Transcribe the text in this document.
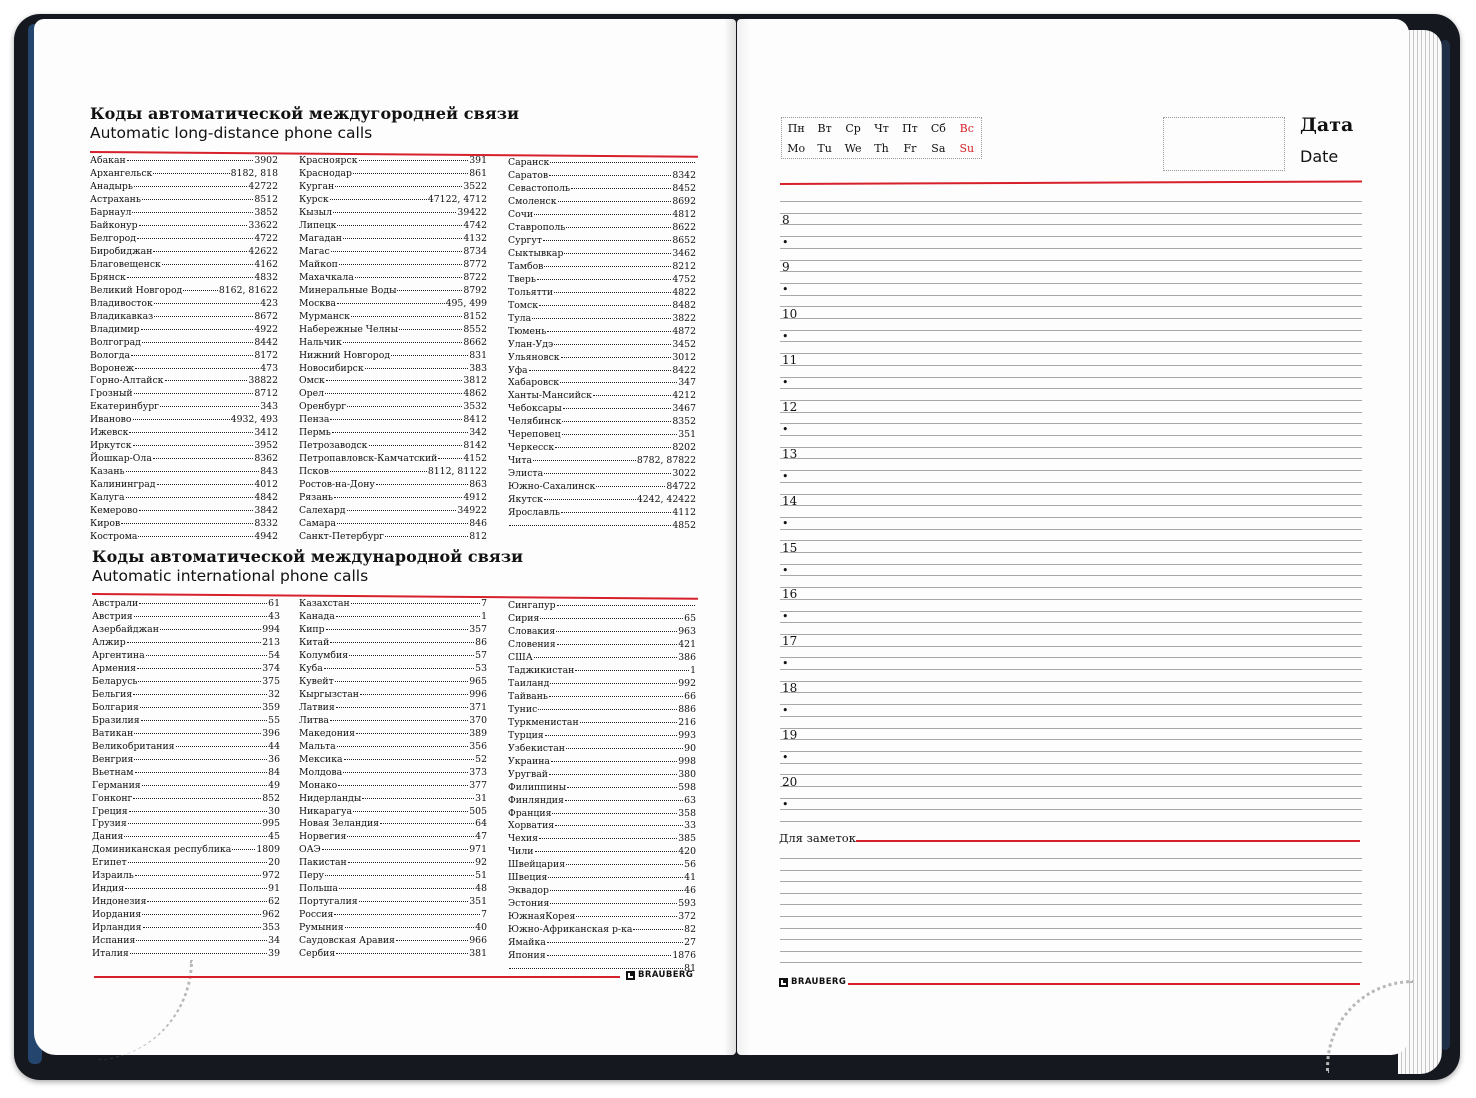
Коды автоматической междугородней связи
Automatic long-distance phone calls
Абакан	3902
Архангельск	8182, 818
Анадырь	42722
Астрахань	8512
Барнаул	3852
Байконур	33622
Белгород	4722
Биробиджан	42622
Благовещенск	4162
Брянск	4832
Великий Новгород	8162, 81622
Владивосток	423
Владикавказ	8672
Владимир	4922
Волгоград	8442
Вологда	8172
Воронеж	473
Горно-Алтайск	38822
Грозный	8712
Екатеринбург	343
Иваново	4932, 493
Ижевск	3412
Иркутск	3952
Йошкар-Ола	8362
Казань	843
Калининград	4012
Калуга	4842
Кемерово	3842
Киров	8332
Кострома	4942
Красноярск	391
Краснодар	861
Курган	3522
Курск	47122, 4712
Кызыл	39422
Липецк	4742
Магадан	4132
Магас	8734
Майкоп	8772
Махачкала	8722
Минеральные Воды	8792
Москва	495, 499
Мурманск	8152
Набережные Челны	8552
Нальчик	8662
Нижний Новгород	831
Новосибирск	383
Омск	3812
Орел	4862
Оренбург	3532
Пенза	8412
Пермь	342
Петрозаводск	8142
Петропавловск-Камчатский	4152
Псков	8112, 81122
Ростов-на-Дону	863
Рязань	4912
Салехард	34922
Самара	846
Санкт-Петербург	812
Саранск
Саратов	8342
Севастополь	8452
Смоленск	8692
Сочи	4812
Ставрополь	8622
Сургут	8652
Сыктывкар	3462
Тамбов	8212
Тверь	4752
Тольятти	4822
Томск	8482
Тула	3822
Тюмень	4872
Улан-Удэ	3452
Ульяновск	3012
Уфа	8422
Хабаровск	347
Ханты-Мансийск	4212
Чебоксары	3467
Челябинск	8352
Череповец	351
Черкесск	8202
Чита	8782, 87822
Элиста	3022
Южно-Сахалинск	84722
Якутск	4242, 42422
Ярославль	4112
4852
Коды автоматической международной связи
Automatic international phone calls
Австрали	61
Австрия	43
Азербайджан	994
Алжир	213
Аргентина	54
Армения	374
Беларусь	375
Бельгия	32
Болгария	359
Бразилия	55
Ватикан	396
Великобритания	44
Венгрия	36
Вьетнам	84
Германия	49
Гонконг	852
Греция	30
Грузия	995
Дания	45
Доминиканская республика	1809
Египет	20
Израиль	972
Индия	91
Индонезия	62
Иордания	962
Ирландия	353
Испания	34
Италия	39
Казахстан	7
Канада	1
Кипр	357
Китай	86
Колумбия	57
Куба	53
Кувейт	965
Кыргызстан	996
Латвия	371
Литва	370
Македония	389
Мальта	356
Мексика	52
Молдова	373
Монако	377
Нидерланды	31
Никарагуа	505
Новая Зеландия	64
Норвегия	47
ОАЭ	971
Пакистан	92
Перу	51
Польша	48
Португалия	351
Россия	7
Румыния	40
Саудовская Аравия	966
Сербия	381
Сингапур
Сирия	65
Словакия	963
Словения	421
США	386
Таджикистан	1
Таиланд	992
Тайвань	66
Тунис	886
Туркменистан	216
Турция	993
Узбекистан	90
Украина	998
Уругвай	380
Филиппины	598
Финляндия	63
Франция	358
Хорватия	33
Чехия	385
Чили	420
Швейцария	56
Швеция	41
Эквадор	46
Эстония	593
ЮжнаяКорея	372
Южно-Африканская р-ка	82
Ямайка	27
Япония	1876
81
BRAUBERG
Пн	Вт	Ср	Чт	Пт	Сб	Вс
Mo	Tu	We	Th	Fr	Sa	Su
Дата
Date
8
•
9
•
10
•
11
•
12
•
13
•
14
•
15
•
16
•
17
•
18
•
19
•
20
•
Для заметок
BRAUBERG
